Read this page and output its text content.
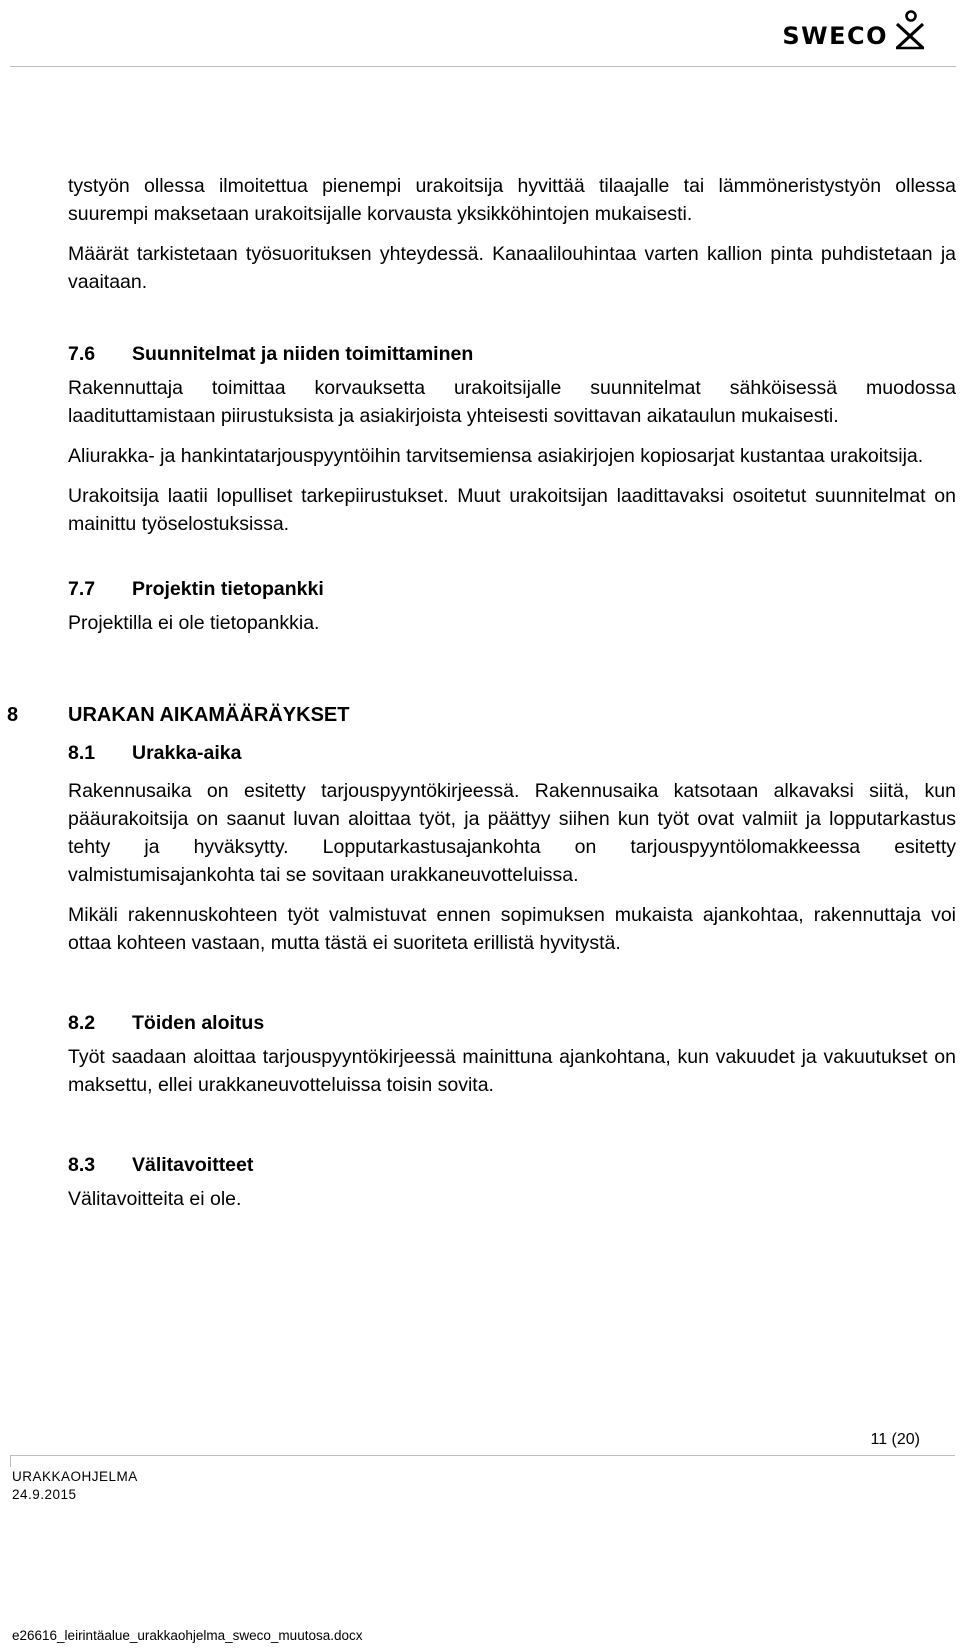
SWECO

tystyön ollessa ilmoitettua pienempi urakoitsija hyvittää tilaajalle tai lämmöneristystyön ollessa suurempi maksetaan urakoitsijalle korvausta yksikköhintojen mukaisesti.

Määrät tarkistetaan työsuorituksen yhteydessä. Kanaalilouhintaa varten kallion pinta puhdistetaan ja vaaitaan.

7.6	Suunnitelmat ja niiden toimittaminen

Rakennuttaja toimittaa korvauksetta urakoitsijalle suunnitelmat sähköisessä muodossa laadituttamistaan piirustuksista ja asiakirjoista yhteisesti sovittavan aikataulun mukaisesti.

Aliurakka- ja hankintatarjouspyyntöihin tarvitsemiensa asiakirjojen kopiosarjat kustantaa urakoitsija.

Urakoitsija laatii lopulliset tarkepiirustukset. Muut urakoitsijan laadittavaksi osoitetut suunnitelmat on mainittu työselostuksissa.

7.7	Projektin tietopankki

Projektilla ei ole tietopankkia.

8 URAKAN AIKAMÄÄRÄYKSET
8.1	Urakka-aika

Rakennusaika on esitetty tarjouspyyntökirjeessä. Rakennusaika katsotaan alkavaksi siitä, kun pääurakoitsija on saanut luvan aloittaa työt, ja päättyy siihen kun työt ovat valmiit ja lopputarkastus tehty ja hyväksytty. Lopputarkastusajankohta on tarjouspyyntölomakkeessa esitetty valmistumisajankohta tai se sovitaan urakkaneuvotteluissa.

Mikäli rakennuskohteen työt valmistuvat ennen sopimuksen mukaista ajankohtaa, rakennuttaja voi ottaa kohteen vastaan, mutta tästä ei suoriteta erillistä hyvitystä.

8.2	Töiden aloitus

Työt saadaan aloittaa tarjouspyyntökirjeessä mainittuna ajankohtana, kun vakuudet ja vakuutukset on maksettu, ellei urakkaneuvotteluissa toisin sovita.

8.3	Välitavoitteet

Välitavoitteita ei ole.

11 (20)
URAKKAOHJELMA
24.9.2015
e26616_leirintäalue_urakkaohjelma_sweco_muutosa.docx
